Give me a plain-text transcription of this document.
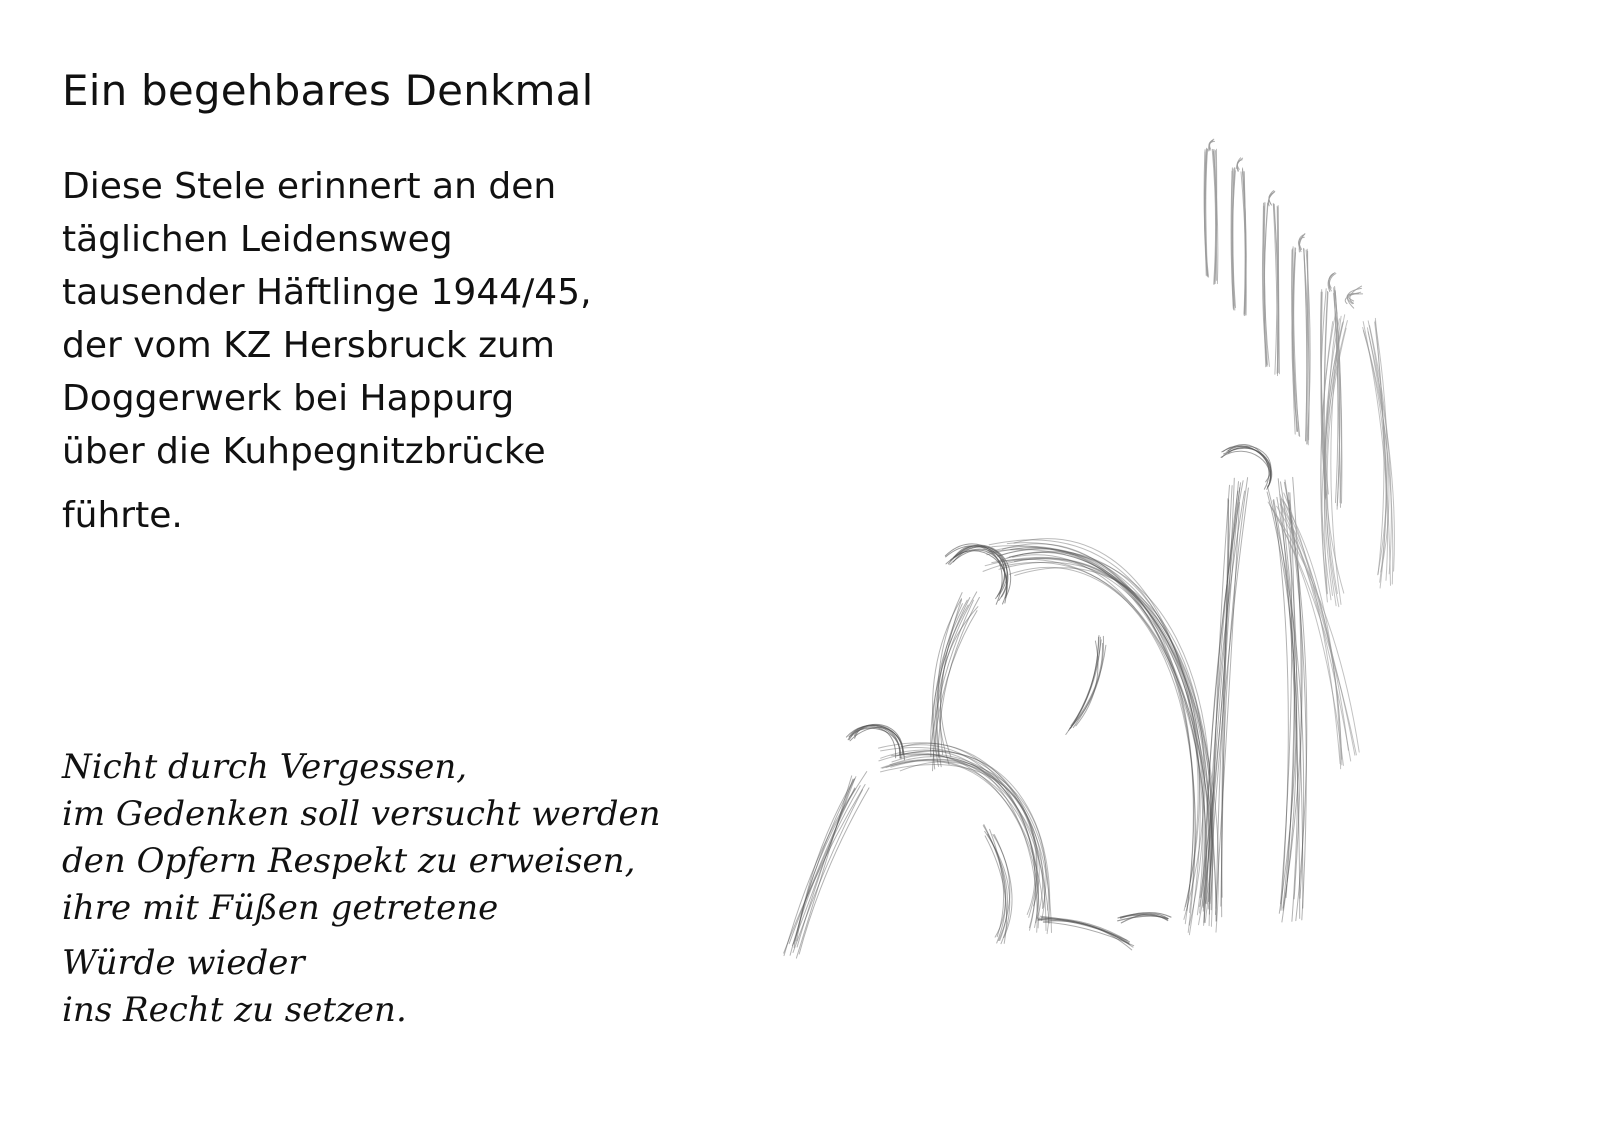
Ein begehbares Denkmal

Diese Stele erinnert an den
täglichen Leidensweg
tausender Häftlinge 1944/45,
der vom KZ Hersbruck zum
Doggerwerk bei Happurg
über die Kuhpegnitzbrücke
führte.

Nicht durch Vergessen,
im Gedenken soll versucht werden
den Opfern Respekt zu erweisen,
ihre mit Füßen getretene
Würde wieder
ins Recht zu setzen.
